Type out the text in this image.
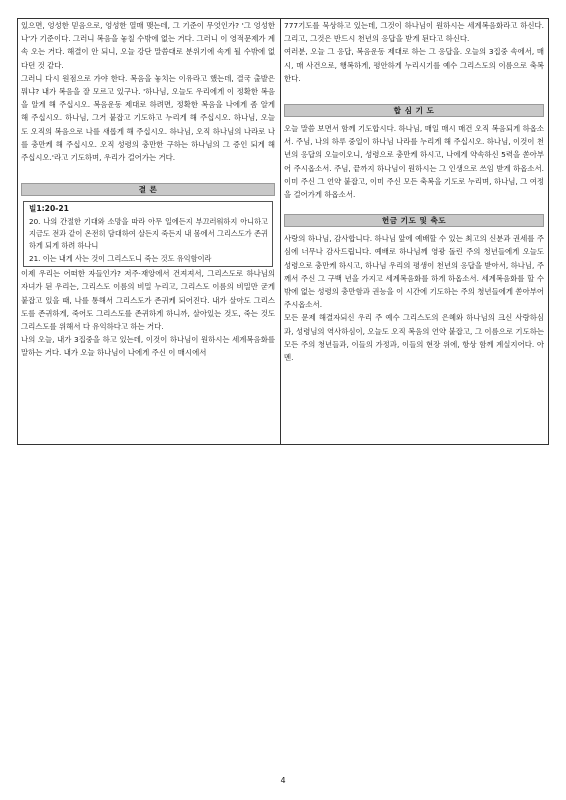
있으면, 엉성한 믿음으로, 엉성한 열매 맺는데, 그 기준이 무엇인가? '그 엉성한 나'가 기준이다. 그러니 복음을 놓칠 수밖에 없는 거다. 그러니 이 영적문제가 계속 오는 거다. 해결이 안 되니, 오늘 강단 말씀대로 분위기에 속게 될 수밖에 없다던 것 같다.

그러니 다시 원점으로 가야 한다. 복음을 놓치는 이유라고 했는데, 결국 출발은 뭐냐? 내가 복음을 잘 모르고 있구나. '하나님, 오늘도 우리에게 이 정확한 복음을 알게 해 주십시오. 복음운동 제대로 하려면, 정확한 복음을 나에게 좀 알게 해 주십시오. 하나님, 그거 붙잡고 기도하고 누리게 해 주십시오. 하나님, 오늘도 오직의 복음으로 나를 새롭게 해 주십시오. 하나님, 오직 하나님의 나라로 나를 충만케 해 주십시오. 오직 성령의 충만한 구하는 하나님의 그 증인 되게 해 주십시오.'라고 기도하며, 우리가 걸어가는 거다.

결 론

빌1:20-21

20. 나의 간절한 기대와 소망을 따라 아무 일에든지 부끄러워하지 아니하고 지금도 전과 같이 온전히 담대하여 살든지 죽든지 내 몸에서 그리스도가 존귀하게 되게 하려 하나니

21. 이는 내게 사는 것이 그리스도니 죽는 것도 유익함이라

이제 우리는 어떠한 자들인가? 저주·재앙에서 건져져서, 그리스도로 하나님의 자녀가 된 우리는, 그리스도 이름의 비밀 누리고, 그리스도 이름의 비밀만 굳게 붙잡고 있을 때, 나를 통해서 그리스도가 존귀케 되어진다. 내가 살아도 그리스도를 존귀하게, 죽어도 그리스도를 존귀하게 하니까, 살아있는 것도, 죽는 것도 그리스도를 위해서 다 유익하다고 하는 거다.

나의 오늘, 내가 3집중을 하고 있는데, 이것이 하나님이 원하시는 세계복음화를 말하는 거다. 내가 오늘 하나님이 나에게 주신 이 매시에서

777기도를 묵상하고 있는데, 그것이 하나님이 원하시는 세계복음화라고 하신다. 그리고, 그것은 반드시 천년의 응답을 받게 된다고 하신다.

여러분, 오늘 그 응답, 복음운동 제대로 하는 그 응답을. 오늘의 3집중 속에서, 매시, 매 사건으로, 행복하게, 평안하게 누리시기를 예수 그리스도의 이름으로 축복한다.

합 심 기 도

오늘 말씀 보면서 함께 기도합시다. 하나님, 매일 매시 매건 오직 복음되게 하옵소서. 주님, 나의 하루 중일이 하나님 나라를 누리게 해 주십시오. 하나님, 이것이 천년의 응답의 오늘이오니, 성령으로 충만케 하시고, 나에게 약속하신 5력을 쏟아부어 주시옵소서. 주님, 끝까지 하나님이 원하시는 그 인생으로 쓰임 받게 하옵소서. 이미 주신 그 언약 붙잡고, 이미 주신 모든 축복을 기도로 누리며, 하나님, 그 여정을 걸어가게 하옵소서.

헌금 기도 및 축도

사랑의 하나님, 감사합니다. 하나님 앞에 예배할 수 있는 최고의 신분과 권세를 주심에 너무나 감사드립니다. 예배로 하나님께 영광 돌린 주의 청년들에게 오늘도 성령으로 충만케 하시고, 하나님 우리의 평생이 천년의 응답을 받아서, 하나님, 주께서 주신 그 구백 년을 가지고 세계복음화를 하게 하옵소서. 세계복음화를 할 수 밖에 없는 성령의 충만함과 권능을 이 시간에 기도하는 주의 청년들에게 쏟아부어 주시옵소서.

모든 문제 해결자되신 우리 주 예수 그리스도의 은혜와 하나님의 크신 사랑하심과, 성령님의 역사하심이, 오늘도 오직 복음의 언약 붙잡고, 그 이름으로 기도하는 모든 주의 청년들과, 이들의 가정과, 이들의 현장 위에, 항상 함께 계실지어다. 아멘.

4
